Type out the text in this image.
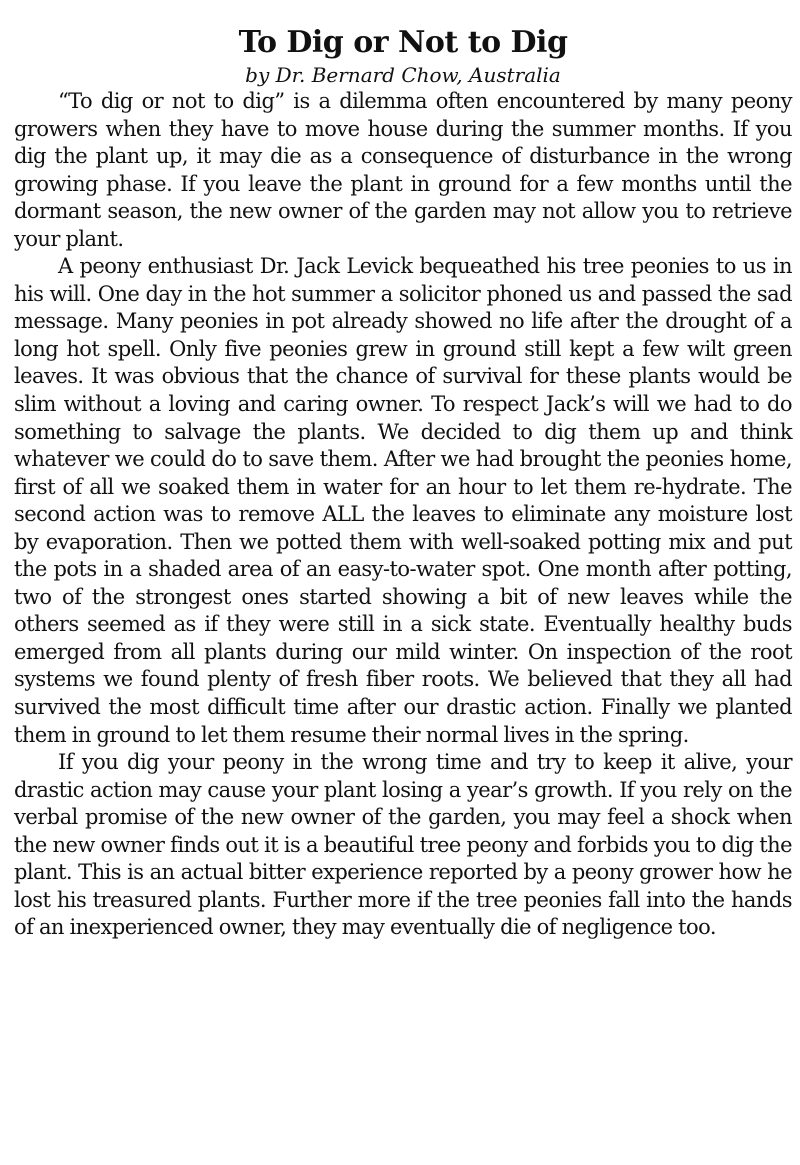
To Dig or Not to Dig

by Dr. Bernard Chow, Australia

“To dig or not to dig” is a dilemma often encountered by many peony growers when they have to move house during the summer months. If you dig the plant up, it may die as a consequence of disturbance in the wrong growing phase. If you leave the plant in ground for a few months until the dormant season, the new owner of the garden may not allow you to retrieve your plant.

A peony enthusiast Dr. Jack Levick bequeathed his tree peonies to us in his will. One day in the hot summer a solicitor phoned us and passed the sad message. Many peonies in pot already showed no life after the drought of a long hot spell. Only five peonies grew in ground still kept a few wilt green leaves. It was obvious that the chance of survival for these plants would be slim without a loving and caring owner. To respect Jack’s will we had to do something to salvage the plants. We decided to dig them up and think whatever we could do to save them. After we had brought the peonies home, first of all we soaked them in water for an hour to let them re-hydrate. The second action was to remove ALL the leaves to eliminate any moisture lost by evaporation. Then we potted them with well-soaked potting mix and put the pots in a shaded area of an easy-to-water spot. One month after potting, two of the strongest ones started showing a bit of new leaves while the others seemed as if they were still in a sick state. Eventually healthy buds emerged from all plants during our mild winter. On inspection of the root systems we found plenty of fresh fiber roots. We believed that they all had survived the most difficult time after our drastic action. Finally we planted them in ground to let them resume their normal lives in the spring.

If you dig your peony in the wrong time and try to keep it alive, your drastic action may cause your plant losing a year’s growth. If you rely on the verbal promise of the new owner of the garden, you may feel a shock when the new owner finds out it is a beautiful tree peony and forbids you to dig the plant. This is an actual bitter experience reported by a peony grower how he lost his treasured plants. Further more if the tree peonies fall into the hands of an inexperienced owner, they may eventually die of negligence too.
